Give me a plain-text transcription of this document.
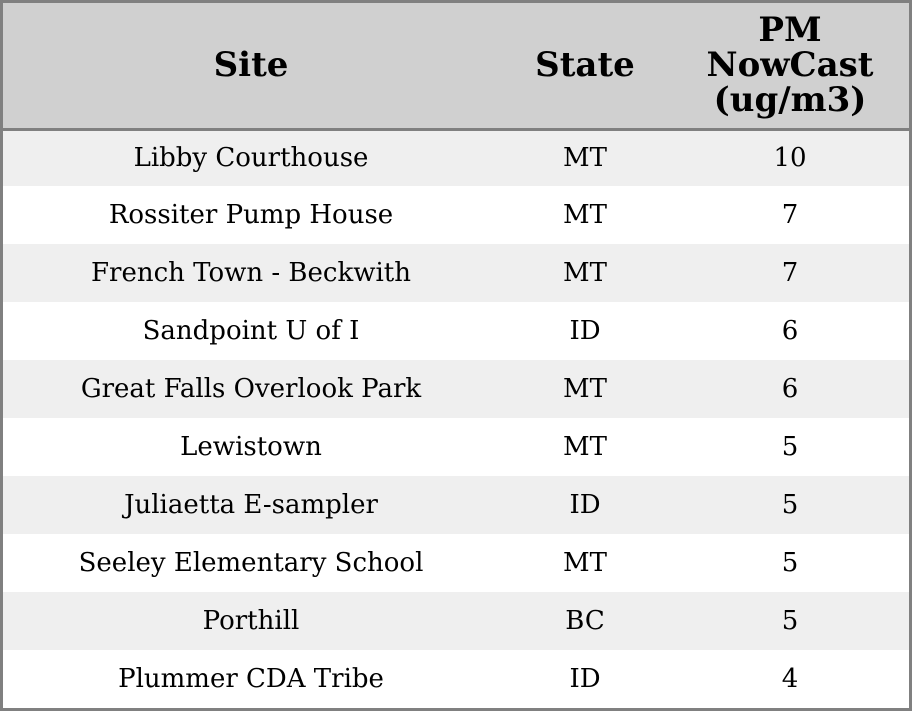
Site	State	PM
NowCast
(ug/m3)

Libby Courthouse	MT	10
Rossiter Pump House	MT	7
French Town - Beckwith	MT	7
Sandpoint U of I	ID	6
Great Falls Overlook Park	MT	6
Lewistown	MT	5
Juliaetta E-sampler	ID	5
Seeley Elementary School	MT	5
Porthill	BC	5
Plummer CDA Tribe	ID	4
